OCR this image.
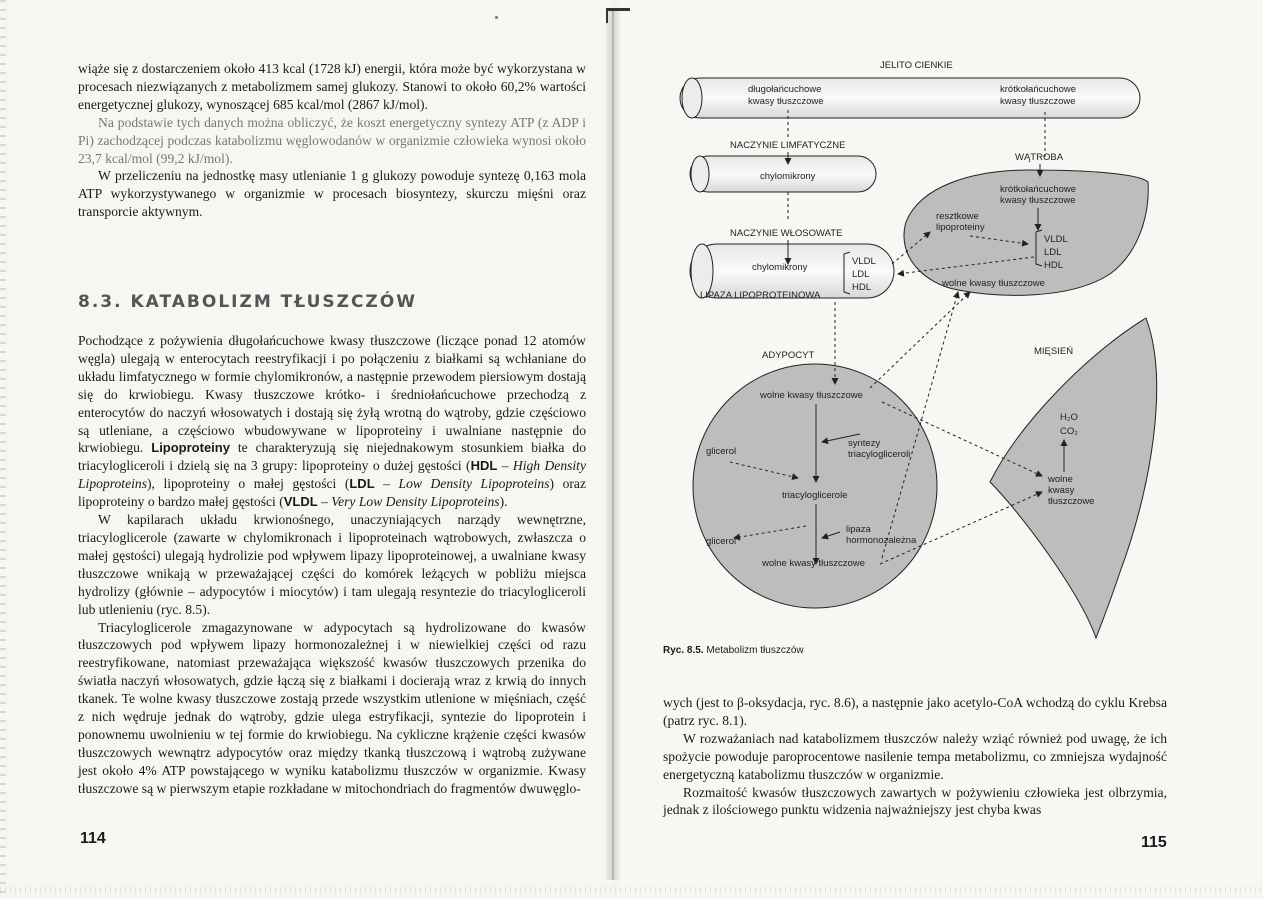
wiąże się z dostarczeniem około 413 kcal (1728 kJ) energii, która może być wykorzystana w procesach niezwiązanych z metabolizmem samej glukozy. Stanowi to około 60,2% wartości energetycznej glukozy, wynoszącej 685 kcal/mol (2867 kJ/mol).

Na podstawie tych danych można obliczyć, że koszt energetyczny syntezy ATP (z ADP i Pi) zachodzącej podczas katabolizmu węglowodanów w organizmie człowieka wynosi około 23,7 kcal/mol (99,2 kJ/mol).

W przeliczeniu na jednostkę masy utlenianie 1 g glukozy powoduje syntezę 0,163 mola ATP wykorzystywanego w organizmie w procesach biosyntezy, skurczu mięśni oraz transporcie aktywnym.

8.3. KATABOLIZM TŁUSZCZÓW

Pochodzące z pożywienia długołańcuchowe kwasy tłuszczowe (liczące ponad 12 atomów węgla) ulegają w enterocytach reestryfikacji i po połączeniu z białkami są wchłaniane do układu limfatycznego w formie chylomikronów, a następnie przewodem piersiowym dostają się do krwiobiegu. Kwasy tłuszczowe krótko- i średniołańcuchowe przechodzą z enterocytów do naczyń włosowatych i dostają się żyłą wrotną do wątroby, gdzie częściowo są utleniane, a częściowo wbudowywane w lipoproteiny i uwalniane następnie do krwiobiegu. Lipoproteiny te charakteryzują się niejednakowym stosunkiem białka do triacylogliceroli i dzielą się na 3 grupy: lipoproteiny o dużej gęstości (HDL – High Density Lipoproteins), lipoproteiny o małej gęstości (LDL – Low Density Lipoproteins) oraz lipoproteiny o bardzo małej gęstości (VLDL – Very Low Density Lipoproteins).

W kapilarach układu krwionośnego, unaczyniających narządy wewnętrzne, triacyloglicerole (zawarte w chylomikronach i lipoproteinach wątrobowych, zwłaszcza o małej gęstości) ulegają hydrolizie pod wpływem lipazy lipoproteinowej, a uwalniane kwasy tłuszczowe wnikają w przeważającej części do komórek leżących w pobliżu miejsca hydrolizy (głównie – adypocytów i miocytów) i tam ulegają resyntezie do triacylogliceroli lub utlenieniu (ryc. 8.5).

Triacyloglicerole zmagazynowane w adypocytach są hydrolizowane do kwasów tłuszczowych pod wpływem lipazy hormonozależnej i w niewielkiej części od razu reestryfikowane, natomiast przeważająca większość kwasów tłuszczowych przenika do światła naczyń włosowatych, gdzie łączą się z białkami i docierają wraz z krwią do innych tkanek. Te wolne kwasy tłuszczowe zostają przede wszystkim utlenione w mięśniach, część z nich wędruje jednak do wątroby, gdzie ulega estryfikacji, syntezie do lipoprotein i ponownemu uwolnieniu w tej formie do krwiobiegu. Na cykliczne krążenie części kwasów tłuszczowych wewnątrz adypocytów oraz między tkanką tłuszczową i wątrobą zużywane jest około 4% ATP powstającego w wyniku katabolizmu tłuszczów w organizmie. Kwasy tłuszczowe są w pierwszym etapie rozkładane w mitochondriach do fragmentów dwuwęglo-

114
JELITO CIENKIE
długołańcuchowe
kwasy tłuszczowe
krótkołańcuchowe
kwasy tłuszczowe
NACZYNIE LIMFATYCZNE
chylomikrony
WĄTROBA
krótkołańcuchowe
kwasy tłuszczowe
resztkowe
lipoproteiny
VLDL
LDL
HDL
wolne kwasy tłuszczowe
NACZYNIE WŁOSOWATE
chylomikrony
VLDL
LDL
HDL
LIPAZA LIPOPROTEINOWA
ADYPOCYT
wolne kwasy tłuszczowe
syntezy
triacylogliceroli
glicerol
triacyloglicerole
lipaza
hormonozależna
glicerol
wolne kwasy tłuszczowe
MIĘSIEŃ
H₂O
CO₂
wolne
kwasy
tłuszczowe
Ryc. 8.5. Metabolizm tłuszczów

wych (jest to β-oksydacja, ryc. 8.6), a następnie jako acetylo-CoA wchodzą do cyklu Krebsa (patrz ryc. 8.1).

W rozważaniach nad katabolizmem tłuszczów należy wziąć również pod uwagę, że ich spożycie powoduje paroprocentowe nasilenie tempa metabolizmu, co zmniejsza wydajność energetyczną katabolizmu tłuszczów w organizmie.

Rozmaitość kwasów tłuszczowych zawartych w pożywieniu człowieka jest olbrzymia, jednak z ilościowego punktu widzenia najważniejszy jest chyba kwas

115
